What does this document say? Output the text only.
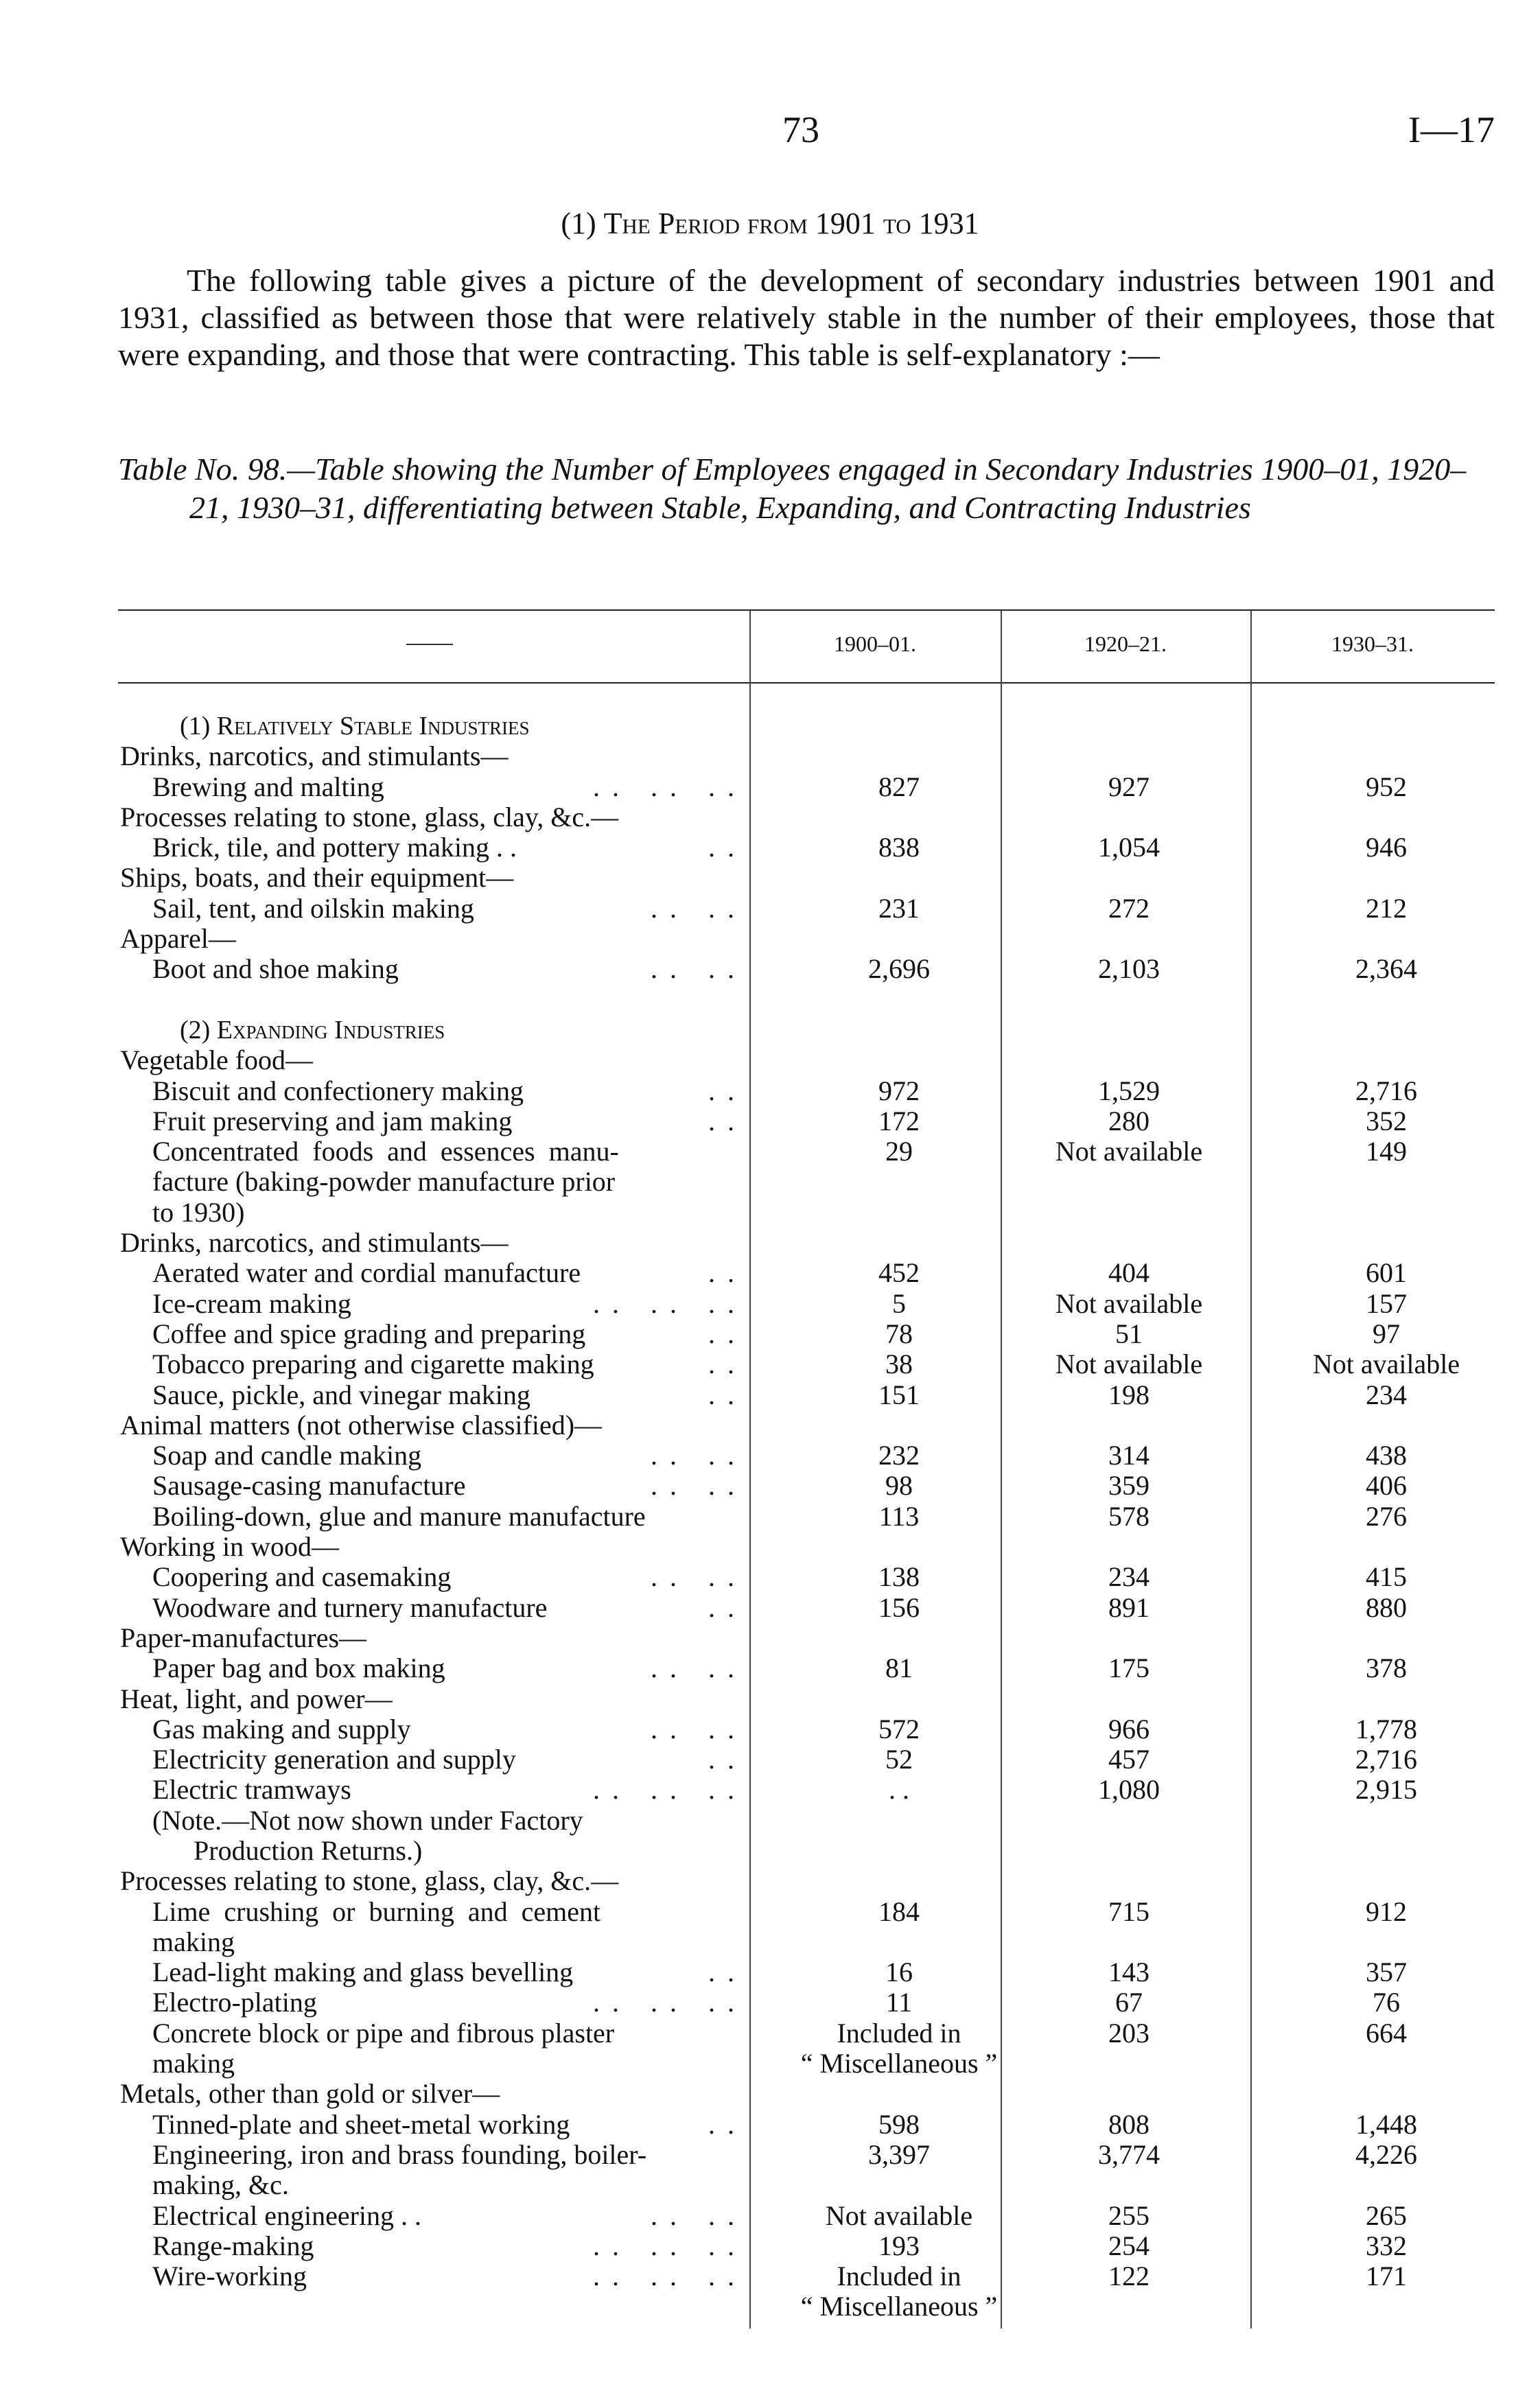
73	I—17
(1) The Period from 1901 to 1931
The following table gives a picture of the development of secondary industries between 1901 and 1931, classified as between those that were relatively stable in the number of their employees, those that were expanding, and those that were contracting. This table is self-explanatory :—
Table No. 98.—Table showing the Number of Employees engaged in Secondary Industries 1900–01, 1920–21, 1930–31, differentiating between Stable, Expanding, and Contracting Industries
1900–01.	1920–21.	1930–31.
(1) Relatively Stable Industries
Drinks, narcotics, and stimulants—
Brewing and malting	. .   . .   . .	827	927	952
Processes relating to stone, glass, clay, &c.—
Brick, tile, and pottery making . .	. .	838	1,054	946
Ships, boats, and their equipment—
Sail, tent, and oilskin making	. .   . .	231	272	212
Apparel—
Boot and shoe making	. .   . .	2,696	2,103	2,364
(2) Expanding Industries
Vegetable food—
Biscuit and confectionery making	. .	972	1,529	2,716
Fruit preserving and jam making	. .	172	280	352
Concentrated  foods  and  essences  manu-	29	Not available	149
facture (baking-powder manufacture prior
to 1930)
Drinks, narcotics, and stimulants—
Aerated water and cordial manufacture	. .	452	404	601
Ice-cream making	. .   . .   . .	5	Not available	157
Coffee and spice grading and preparing	. .	78	51	97
Tobacco preparing and cigarette making	. .	38	Not available	Not available
Sauce, pickle, and vinegar making	. .	151	198	234
Animal matters (not otherwise classified)—
Soap and candle making	. .   . .	232	314	438
Sausage-casing manufacture	. .   . .	98	359	406
Boiling-down, glue and manure manufacture	113	578	276
Working in wood—
Coopering and casemaking	. .   . .	138	234	415
Woodware and turnery manufacture	. .	156	891	880
Paper-manufactures—
Paper bag and box making	. .   . .	81	175	378
Heat, light, and power—
Gas making and supply	. .   . .	572	966	1,778
Electricity generation and supply	. .	52	457	2,716
Electric tramways	. .   . .   . .	. .	1,080	2,915
(Note.—Not now shown under Factory
Production Returns.)
Processes relating to stone, glass, clay, &c.—
Lime  crushing  or  burning  and  cement	184	715	912
making
Lead-light making and glass bevelling	. .	16	143	357
Electro-plating	. .   . .   . .	11	67	76
Concrete block or pipe and fibrous plaster	Included in	203	664
making	“ Miscellaneous ”
Metals, other than gold or silver—
Tinned-plate and sheet-metal working	. .	598	808	1,448
Engineering, iron and brass founding, boiler-	3,397	3,774	4,226
making, &c.
Electrical engineering . .	. .   . .	Not available	255	265
Range-making	. .   . .   . .	193	254	332
Wire-working	. .   . .   . .	Included in	122	171
“ Miscellaneous ”
